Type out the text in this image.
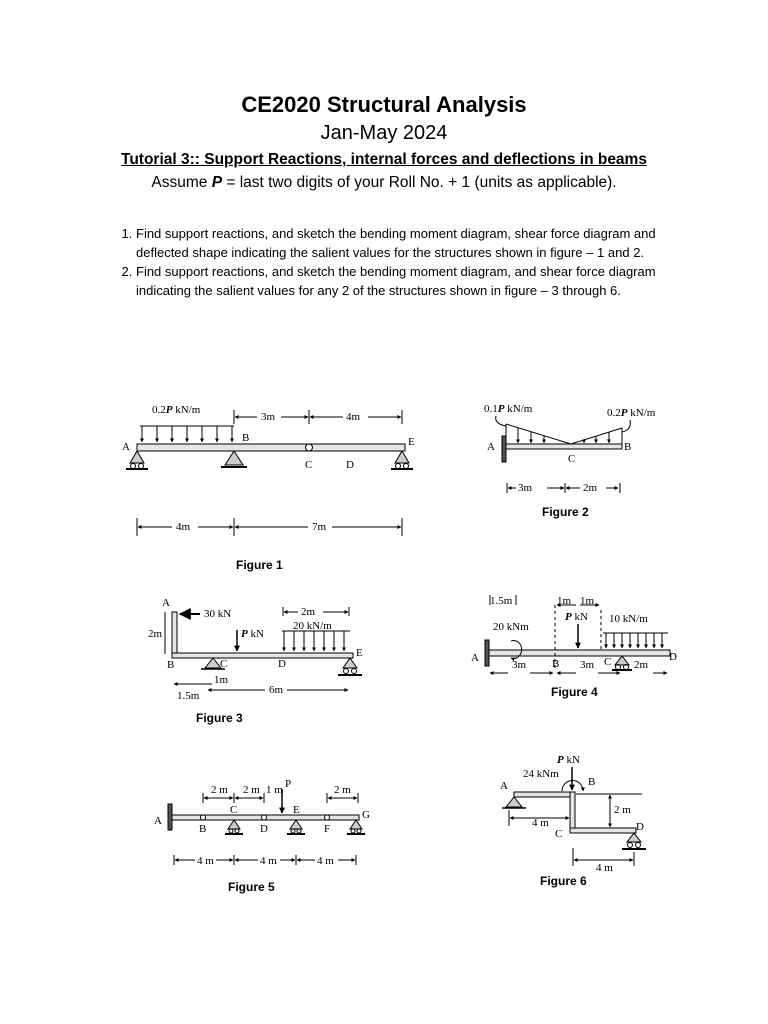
CE2020 Structural Analysis
Jan-May 2024
Tutorial 3:: Support Reactions, internal forces and deflections in beams
Assume P = last two digits of your Roll No. + 1 (units as applicable).
1. Find support reactions, and sketch the bending moment diagram, shear force diagram and deflected shape indicating the salient values for the structures shown in figure – 1 and 2.
2. Find support reactions, and sketch the bending moment diagram, and shear force diagram indicating the salient values for any 2 of the structures shown in figure – 3 through 6.
0.2P kN/m
A
B
C	D
E
3m	4m
4m	7m
Figure 1
0.1P kN/m	0.2P kN/m
A	B
C
3m	2m
Figure 2
A
30 kN
2m
B
P kN
C	D
20 kN/m
2m
E
1m
1.5m	6m
Figure 3
A
1.5m
20 kNm
1m 1m
P kN 10 kN/m
B	C	D
3m	3m	2m
Figure 4
A
B
C
D
E
F
G
P
2 m 2 m 1 m	2 m
4 m	4 m	4 m
Figure 5
A	B
C
D
P kN
24 kNm
4 m
2 m
4 m
Figure 6
